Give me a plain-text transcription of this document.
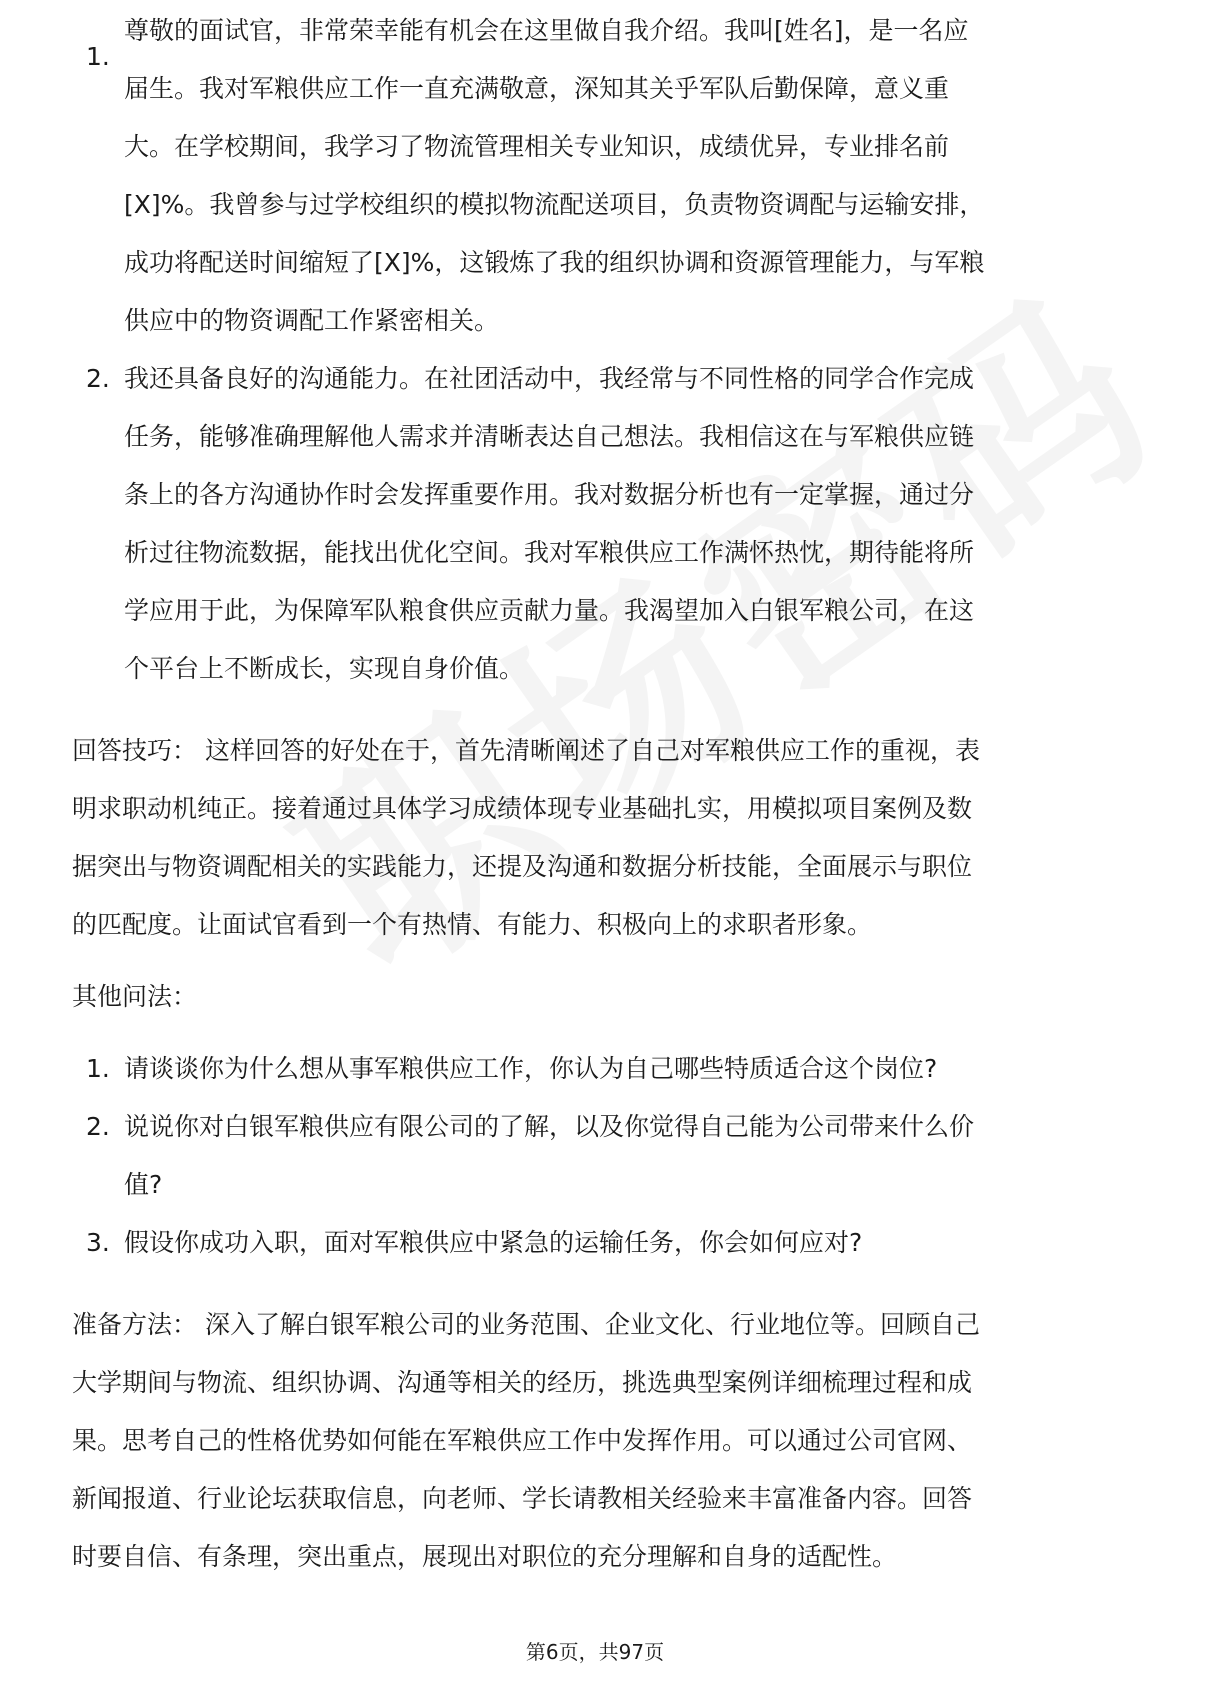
1.
尊敬的面试官，非常荣幸能有机会在这里做自我介绍。我叫[姓名]，是一名应
届生。我对军粮供应工作一直充满敬意，深知其关乎军队后勤保障，意义重
大。在学校期间，我学习了物流管理相关专业知识，成绩优异，专业排名前
[X]%。我曾参与过学校组织的模拟物流配送项目，负责物资调配与运输安排，
成功将配送时间缩短了[X]%，这锻炼了我的组织协调和资源管理能力，与军粮
供应中的物资调配工作紧密相关。
2. 我还具备良好的沟通能力。在社团活动中，我经常与不同性格的同学合作完成
任务，能够准确理解他人需求并清晰表达自己想法。我相信这在与军粮供应链
条上的各方沟通协作时会发挥重要作用。我对数据分析也有一定掌握，通过分
析过往物流数据，能找出优化空间。我对军粮供应工作满怀热忱，期待能将所
学应用于此，为保障军队粮食供应贡献力量。我渴望加入白银军粮公司，在这
个平台上不断成长，实现自身价值。
回答技巧： 这样回答的好处在于，首先清晰阐述了自己对军粮供应工作的重视，表
明求职动机纯正。接着通过具体学习成绩体现专业基础扎实，用模拟项目案例及数
据突出与物资调配相关的实践能力，还提及沟通和数据分析技能，全面展示与职位
的匹配度。让面试官看到一个有热情、有能力、积极向上的求职者形象。
其他问法：
1. 请谈谈你为什么想从事军粮供应工作，你认为自己哪些特质适合这个岗位?
2. 说说你对白银军粮供应有限公司的了解，以及你觉得自己能为公司带来什么价
值?
3. 假设你成功入职，面对军粮供应中紧急的运输任务，你会如何应对?
准备方法： 深入了解白银军粮公司的业务范围、企业文化、行业地位等。回顾自己
大学期间与物流、组织协调、沟通等相关的经历，挑选典型案例详细梳理过程和成
果。思考自己的性格优势如何能在军粮供应工作中发挥作用。可以通过公司官网、
新闻报道、行业论坛获取信息，向老师、学长请教相关经验来丰富准备内容。回答
时要自信、有条理，突出重点，展现出对职位的充分理解和自身的适配性。
第6页，共97页
